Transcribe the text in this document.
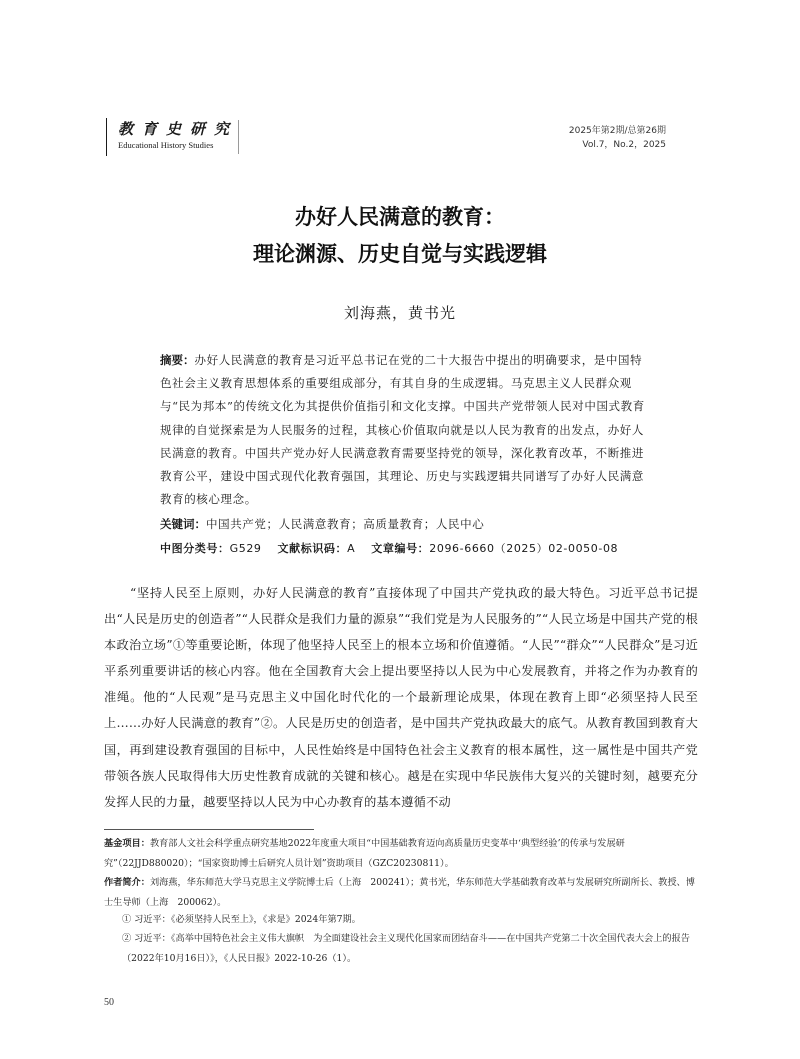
教育史研究
Educational History Studies
2025年第2期/总第26期
Vol.7，No.2，2025
办好人民满意的教育：
理论渊源、历史自觉与实践逻辑
刘海燕，黄书光
摘要：办好人民满意的教育是习近平总书记在党的二十大报告中提出的明确要求，是中国特色社会主义教育思想体系的重要组成部分，有其自身的生成逻辑。马克思主义人民群众观与“民为邦本”的传统文化为其提供价值指引和文化支撑。中国共产党带领人民对中国式教育规律的自觉探索是为人民服务的过程，其核心价值取向就是以人民为教育的出发点，办好人民满意的教育。中国共产党办好人民满意教育需要坚持党的领导，深化教育改革，不断推进教育公平，建设中国式现代化教育强国，其理论、历史与实践逻辑共同谱写了办好人民满意教育的核心理念。
关键词：中国共产党；人民满意教育；高质量教育；人民中心
中图分类号：G529 文献标识码：A 文章编号：2096-6660（2025）02-0050-08
“坚持人民至上原则，办好人民满意的教育”直接体现了中国共产党执政的最大特色。习近平总书记提出“人民是历史的创造者”“人民群众是我们力量的源泉”“我们党是为人民服务的”“人民立场是中国共产党的根本政治立场”①等重要论断，体现了他坚持人民至上的根本立场和价值遵循。“人民”“群众”“人民群众”是习近平系列重要讲话的核心内容。他在全国教育大会上提出要坚持以人民为中心发展教育，并将之作为办教育的准绳。他的“人民观”是马克思主义中国化时代化的一个最新理论成果，体现在教育上即“必须坚持人民至上……办好人民满意的教育”②。人民是历史的创造者，是中国共产党执政最大的底气。从教育教国到教育大国，再到建设教育强国的目标中，人民性始终是中国特色社会主义教育的根本属性，这一属性是中国共产党带领各族人民取得伟大历史性教育成就的关键和核心。越是在实现中华民族伟大复兴的关键时刻，越要充分发挥人民的力量，越要坚持以人民为中心办教育的基本遵循不动
基金项目：教育部人文社会科学重点研究基地2022年度重大项目“中国基础教育迈向高质量历史变革中‘典型经验’的传承与发展研究”（22JJD880020）；“国家资助博士后研究人员计划”资助项目（GZC20230811）。
作者简介：刘海燕，华东师范大学马克思主义学院博士后（上海　200241）；黄书光，华东师范大学基础教育改革与发展研究所副所长、教授、博士生导师（上海　200062）。
① 习近平：《必须坚持人民至上》，《求是》2024年第7期。
② 习近平：《高举中国特色社会主义伟大旗帜　为全面建设社会主义现代化国家而团结奋斗——在中国共产党第二十次全国代表大会上的报告（2022年10月16日）》，《人民日报》2022-10-26（1）。
50
